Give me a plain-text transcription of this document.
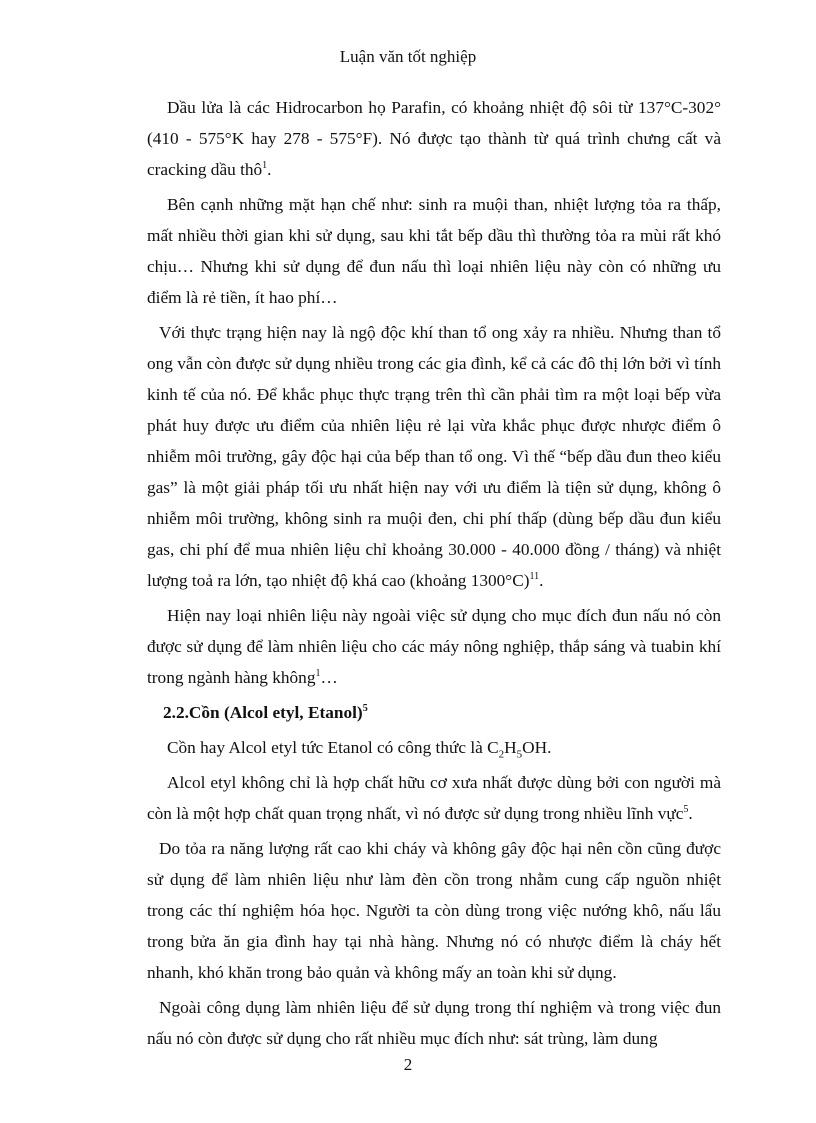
Luận văn tốt nghiệp

Dầu lửa là các Hidrocarbon họ Parafin, có khoảng nhiệt độ sôi từ 137°C-302° (410 - 575°K hay 278 - 575°F). Nó được tạo thành từ quá trình chưng cất và cracking dầu thô$^1$.

Bên cạnh những mặt hạn chế như: sinh ra muội than, nhiệt lượng tỏa ra thấp, mất nhiều thời gian khi sử dụng, sau khi tắt bếp dầu thì thường tỏa ra mùi rất khó chịu… Nhưng khi sử dụng để đun nấu thì loại nhiên liệu này còn có những ưu điểm là rẻ tiền, ít hao phí…

Với thực trạng hiện nay là ngộ độc khí than tổ ong xảy ra nhiều. Nhưng than tổ ong vẫn còn được sử dụng nhiều trong các gia đình, kể cả các đô thị lớn bởi vì tính kinh tế của nó. Để khắc phục thực trạng trên thì cần phải tìm ra một loại bếp vừa phát huy được ưu điểm của nhiên liệu rẻ lại vừa khắc phục được nhược điểm ô nhiễm môi trường, gây độc hại của bếp than tổ ong. Vì thế “bếp dầu đun theo kiểu gas” là một giải pháp tối ưu nhất hiện nay với ưu điểm là tiện sử dụng, không ô nhiễm môi trường, không sinh ra muội đen, chi phí thấp (dùng bếp dầu đun kiểu gas, chi phí để mua nhiên liệu chỉ khoảng 30.000 - 40.000 đồng / tháng) và nhiệt lượng toả ra lớn, tạo nhiệt độ khá cao (khoảng 1300°C)$^{11}$.

Hiện nay loại nhiên liệu này ngoài việc sử dụng cho mục đích đun nấu nó còn được sử dụng để làm nhiên liệu cho các máy nông nghiệp, thắp sáng và tuabin khí trong ngành hàng không$^1$…

2.2.Cồn (Alcol etyl, Etanol)$^5$

Cồn hay Alcol etyl tức Etanol có công thức là $C_2H_5OH$.

Alcol etyl không chỉ là hợp chất hữu cơ xưa nhất được dùng bởi con người mà còn là một hợp chất quan trọng nhất, vì nó được sử dụng trong nhiều lĩnh vực$^5$.

Do tỏa ra năng lượng rất cao khi cháy và không gây độc hại nên cồn cũng được sử dụng để làm nhiên liệu như làm đèn cồn trong nhằm cung cấp nguồn nhiệt trong các thí nghiệm hóa học. Người ta còn dùng trong việc nướng khô, nấu lẩu trong bửa ăn gia đình hay tại nhà hàng. Nhưng nó có nhược điểm là cháy hết nhanh, khó khăn trong bảo quản và không mấy an toàn khi sử dụng.

Ngoài công dụng làm nhiên liệu để sử dụng trong thí nghiệm và trong việc đun nấu nó còn được sử dụng cho rất nhiều mục đích như: sát trùng, làm dung

2
